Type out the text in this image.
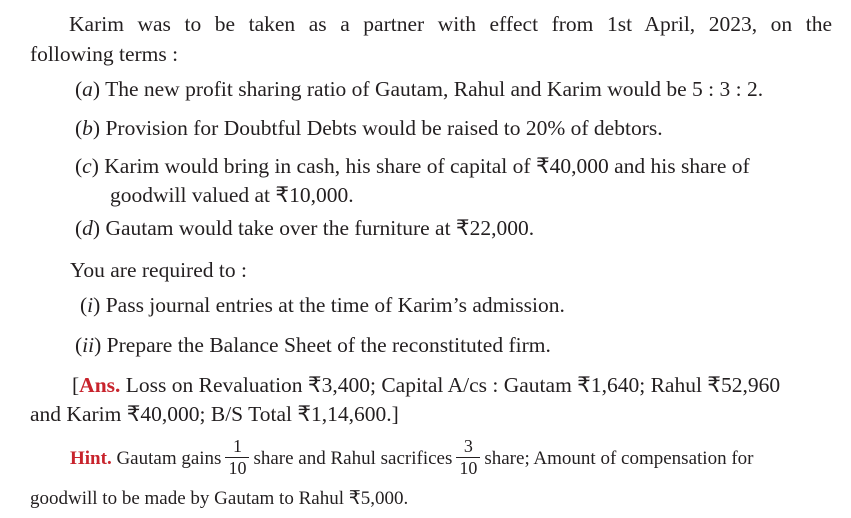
Karim was to be taken as a partner with effect from 1st April, 2023, on the
following terms :
(a) The new profit sharing ratio of Gautam, Rahul and Karim would be 5 : 3 : 2.
(b) Provision for Doubtful Debts would be raised to 20% of debtors.
(c) Karim would bring in cash, his share of capital of ₹40,000 and his share of
goodwill valued at ₹10,000.
(d) Gautam would take over the furniture at ₹22,000.
You are required to :
(i) Pass journal entries at the time of Karim’s admission.
(ii) Prepare the Balance Sheet of the reconstituted firm.
[Ans. Loss on Revaluation ₹3,400; Capital A/cs : Gautam ₹1,640; Rahul ₹52,960
and Karim ₹40,000; B/S Total ₹1,14,600.]
Hint. Gautam gains $\frac{1}{10}$ share and Rahul sacrifices $\frac{3}{10}$ share; Amount of compensation for
goodwill to be made by Gautam to Rahul ₹5,000.
